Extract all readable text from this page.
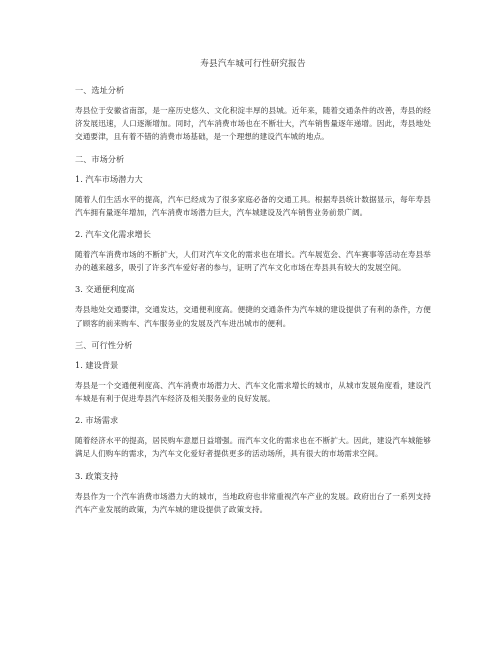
寿县汽车城可行性研究报告
一、选址分析
寿县位于安徽省南部，是一座历史悠久、文化积淀丰厚的县城。近年来，随着交通条件的改善，寿县的经济发展迅速，人口逐渐增加。同时，汽车消费市场也在不断壮大，汽车销售量逐年递增。因此，寿县地处交通要津，且有着不错的消费市场基础，是一个理想的建设汽车城的地点。
二、市场分析
1. 汽车市场潜力大
随着人们生活水平的提高，汽车已经成为了很多家庭必备的交通工具。根据寿县统计数据显示，每年寿县汽车拥有量逐年增加，汽车消费市场潜力巨大，汽车城建设及汽车销售业务前景广阔。
2. 汽车文化需求增长
随着汽车消费市场的不断扩大，人们对汽车文化的需求也在增长。汽车展览会、汽车赛事等活动在寿县举办的越来越多，吸引了许多汽车爱好者的参与，证明了汽车文化市场在寿县具有较大的发展空间。
3. 交通便利度高
寿县地处交通要津，交通发达，交通便利度高。便捷的交通条件为汽车城的建设提供了有利的条件，方便了顾客的前来购车、汽车服务业的发展及汽车进出城市的便利。
三、可行性分析
1. 建设背景
寿县是一个交通便利度高、汽车消费市场潜力大、汽车文化需求增长的城市，从城市发展角度看，建设汽车城是有利于促进寿县汽车经济及相关服务业的良好发展。
2. 市场需求
随着经济水平的提高，居民购车意愿日益增强。而汽车文化的需求也在不断扩大。因此，建设汽车城能够满足人们购车的需求，为汽车文化爱好者提供更多的活动场所，具有很大的市场需求空间。
3. 政策支持
寿县作为一个汽车消费市场潜力大的城市，当地政府也非常重视汽车产业的发展。政府出台了一系列支持汽车产业发展的政策，为汽车城的建设提供了政策支持。
